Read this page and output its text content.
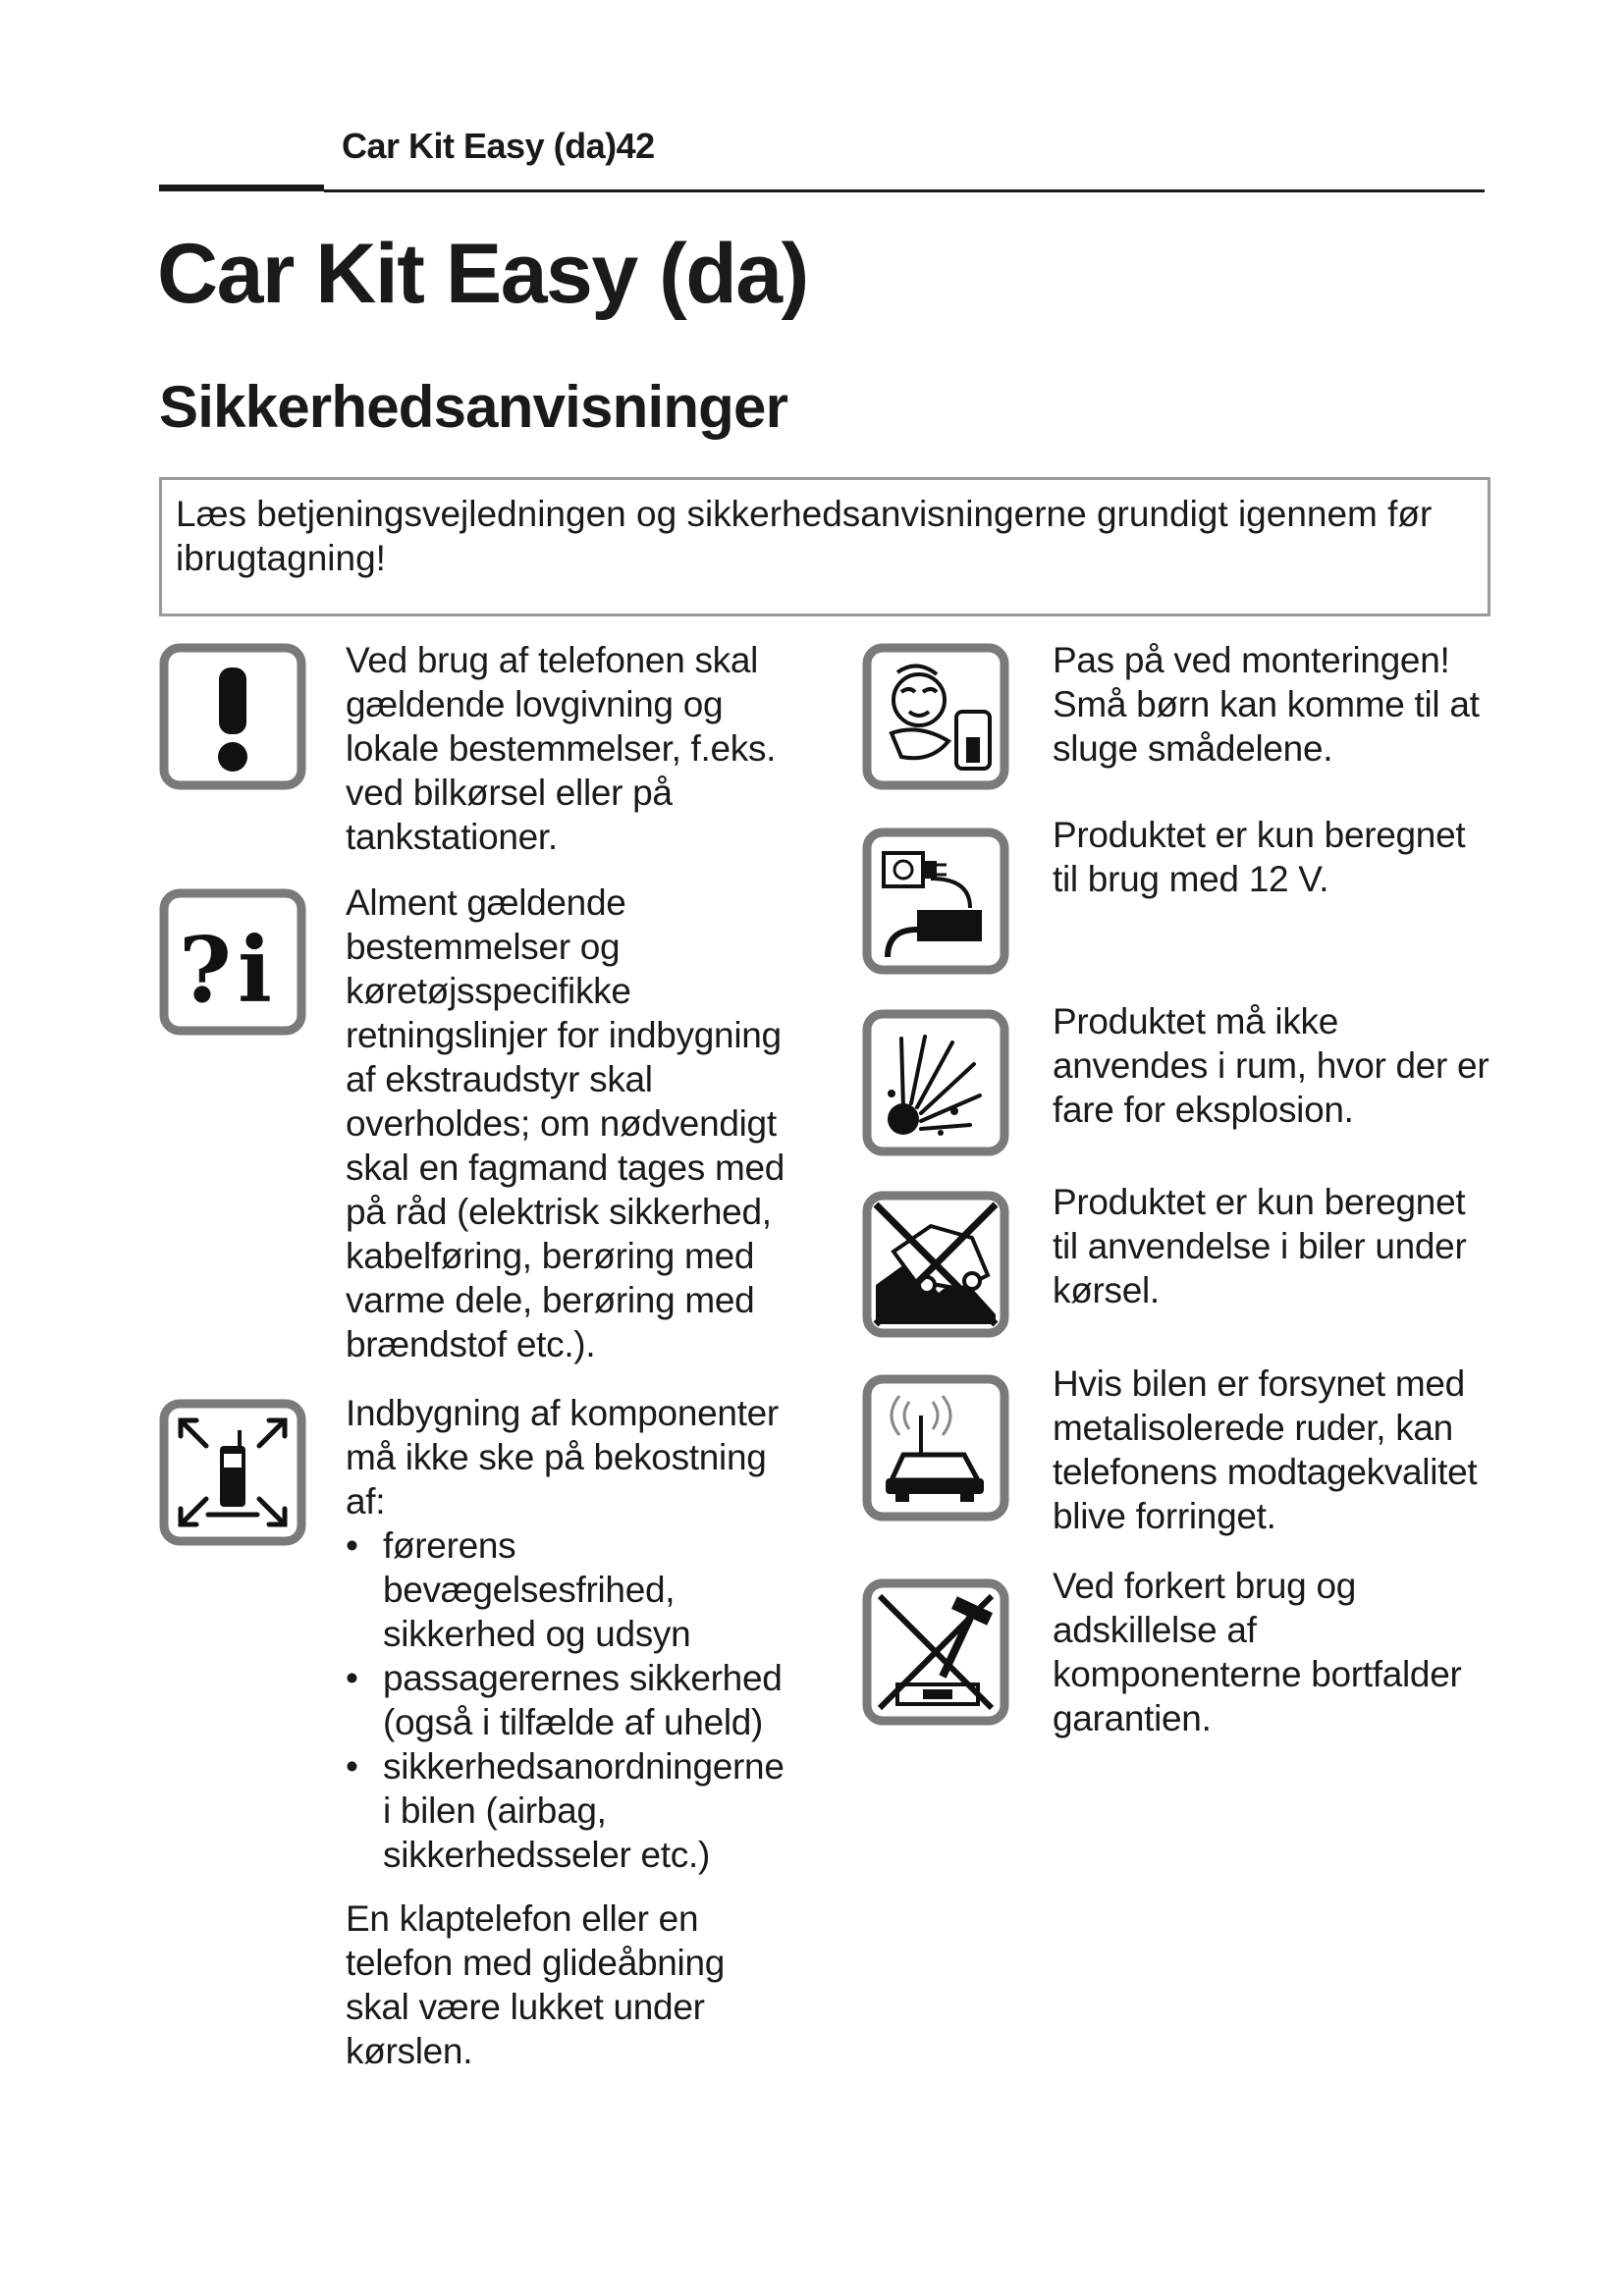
Car Kit Easy (da)42
Car Kit Easy (da)
Sikkerhedsanvisninger
Læs betjeningsvejledningen og sikkerhedsanvisningerne grundigt igennem før ibrugtagning!
? i

Ved brug af telefonen skal gældende lovgivning og lokale bestemmelser, f.eks. ved bilkørsel eller på tankstationer.

Alment gældende bestemmelser og køretøjsspecifikke retningslinjer for indbygning af ekstraudstyr skal overholdes; om nødvendigt skal en fagmand tages med på råd (elektrisk sikkerhed, kabelføring, berøring med varme dele, berøring med brændstof etc.).

Indbygning af komponenter må ikke ske på bekostning af:

• førerens bevægelsesfrihed, sikkerhed og udsyn
• passagerernes sikkerhed (også i tilfælde af uheld)
• sikkerhedsanordningerne i bilen (airbag, sikkerhedsseler etc.)

En klaptelefon eller en telefon med glideåbning skal være lukket under kørslen.

Pas på ved monteringen! Små børn kan komme til at sluge smådelene.

Produktet er kun beregnet til brug med 12 V.

Produktet må ikke anvendes i rum, hvor der er fare for eksplosion.

Produktet er kun beregnet til anvendelse i biler under kørsel.

Hvis bilen er forsynet med metalisolerede ruder, kan telefonens modtagekvalitet blive forringet.

Ved forkert brug og adskillelse af komponenterne bortfalder garantien.
